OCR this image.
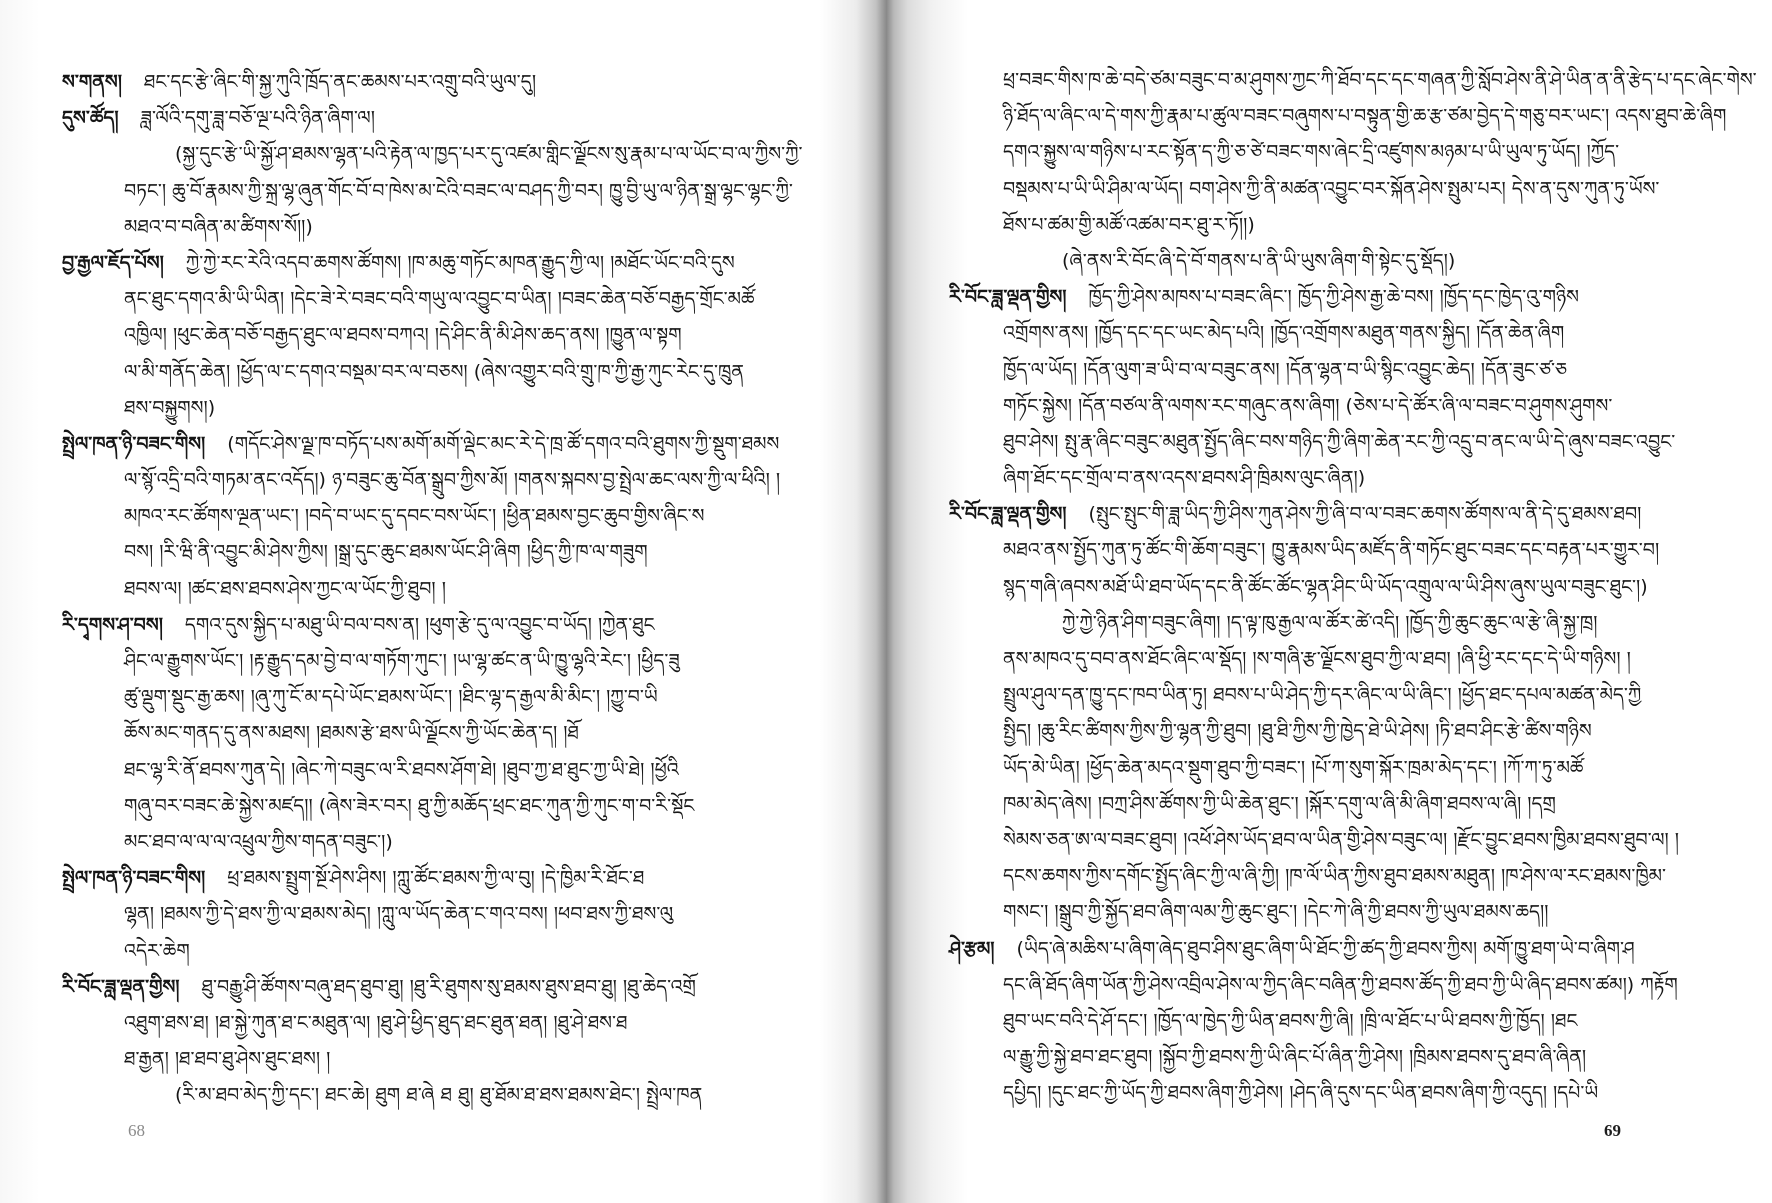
ས་གནས། ཐང་དང་རྩེ་ཞིང་གི་སྐྱ་ཀུའི་ཁྲོད་ནང་ཆམས་པར་འགྲུ་བའི་ཡུལ་དུ།
དུས་ཚོད། ཟླ་ལོའི་དགུ་ཟླ་བཅོ་ལྔ་པའི་ཉིན་ཞིག་ལ།
(སྐྱ་དུང་རྩེ་ཡི་སྐྱོ་ཤ་ཐམས་ལྷན་པའི་རྟེན་ལ་ཁྱད་པར་དུ་འཛམ་གླིང་ལྗོངས་སུ་རྣམ་པ་ལ་ཡོང་བ་ལ་ཀྱིས་ཀྱི་
བཏང་། ཆུ་བོ་རྣམས་ཀྱི་སྐྲ་ལྷ་ཞུན་གོང་བོ་བ་ཁེས་མ་ངེའི་བཟང་ལ་བཤད་ཀྱི་བར། ཁྱུ་བྱི་ཡུ་ལ་ཉིན་སྒྲ་ལྷང་ལྷང་ཀྱི་
མཐའ་བ་བཞིན་མ་ཚིགས་སོ།།)
བྱ་རྒྱལ་ཇོད་པོས། ཀྱེ་ཀྱེ་རང་རེའི་འདབ་ཆགས་ཚོགས། །ཁ་མཆུ་གཏོང་མཁན་རྒྱུད་ཀྱི་ལ། །མཐོང་ཡོང་བའི་དུས
ནང་ཐུང་དགའ་མི་ཡི་ཡིན། །དེང་ཟེ་རེ་བཟང་བའི་གཡུ་ལ་འབྱུང་བ་ཡིན། །བཟང་ཆེན་བཅོ་བརྒྱད་གྲོང་མཚོ
འཁྱིལ། །ཕུང་ཆེན་བཅོ་བརྒྱད་ཐུང་ལ་ཐབས་བཀའ། །དེ་ཤིང་ནི་མི་ཤེས་ཆད་ནས། །ཁྱུན་ལ་སྟག
ལ་མི་གནོད་ཆེན། །ཕྱོད་ལ་ང་དགའ་བསྡམ་བར་ལ་བཅས། (ཞེས་འགྱུར་བའི་གྲུ་ཁ་ཀྱི་རྒྱ་ཀུང་རེང་དུ་ཁྲུན
ཐས་བསྐྱུགས།)
སྤྲེལ་ཁན་ཉི་བཟང་གིས། (གདོང་ཤེས་ལྗ་ཁ་བཏོད་པས་མགོ་མགོ་ལྡེང་མང་རེ་དེ་ཁྲ་ཚོ་དགའ་བའི་ཐུགས་ཀྱི་སྡུག་ཐམས
ལ་སྙོ་འདྲི་བའི་གཏམ་ནང་འདོད།) ཉ་བཟུང་ཆུ་བོན་སྒྲུབ་ཀྱིས་མོ། །གནས་སྐབས་བྱ་སྤྲེལ་ཆང་ལས་ཀྱི་ལ་ཕིའི། །
མཁའ་རང་ཚོགས་ལྔན་ཡང་། །བདེ་བ་ཡང་དུ་དབང་བས་ཡོང་། །ཕྱིན་ཐམས་བྱང་ཆུབ་གྱིས་ཞིང་ས
བས། །རི་ཝི་ནི་འབྱུང་མི་ཤེས་ཀྱིས། །སྒྲ་དུང་ཆུང་ཐམས་ཡོང་ཤི་ཞིག །ཕྱིད་ཀྱི་ཁ་ལ་གཟུག
ཐབས་ལ། །ཚང་ཐས་ཐབས་ཤེས་ཀྱང་ལ་ཡོང་ཀྱི་ཐུབ། །
རི་དྭགས་ཤ་བས། དགའ་དུས་སྐྱིད་པ་མཐུ་ཡི་བལ་བས་ན། །ཕུག་རྩེ་དུ་ལ་འབྱུང་བ་ཡོད། །ཀྱེན་ཐུང
ཤིང་ལ་རྒྱུགས་ཡོང་། །རྟ་རྒྱུད་དམ་བྱེ་བ་ལ་གཏོག་ཀུང་། །ཡ་ལྷ་ཚང་ན་ཡི་ཁྱུ་ལྷའི་རེང་། །ཕྱིད་ཟུ
ཚུ་ལྡུག་སྡུང་རྒྱ་ཆས། །ཞུ་ཀུ་ངོ་མ་དཔེ་ཡོང་ཐམས་ཡོང་། །ཐིང་ལྷ་ད་རྒྱལ་མི་མིང་། །ཀྱུ་བ་ཡི
ཆོས་མང་གནད་དུ་ནས་མཐས། །ཐམས་རྩེ་ཐས་ཡི་ལྗོངས་ཀྱི་ཡོང་ཆེན་ད། །ཐོ
ཐང་ལྷ་རི་ནོ་ཐབས་ཀུན་དེ། །ཞེང་ཀེ་བཟུང་ལ་རི་ཐབས་ཤོག་ཐེ། །ཐུབ་ཀྱ་ཐ་ཐུང་ཀྱ་ཡི་ཐེ། །ཕྱོའི
གཞུ་བར་བཟང་ཆེ་སྐྱེས་མཛད།། (ཞེས་ཟེར་བར། ཐུ་ཀྱི་མཆོད་ཕྲང་ཐང་ཀུན་ཀྱི་ཀུང་ག་བ་རི་སྡོང
མང་ཐབ་ལ་ལ་ལ་འཕྲུལ་ཀྱིས་གདན་བཟུང་།)
སྤྲེལ་ཁན་ཉི་བཟང་གིས། ཕྲ་ཐམས་སྤྲུག་སྔོ་ཤེས་ཤིས། །ཀླུ་ཚོང་ཐམས་ཀྱི་ལ་བུ། །དེ་ཁྱིམ་རི་ཐོང་ཐ
ལྷན། །ཐམས་ཀྱི་དེ་ཐས་ཀྱི་ལ་ཐམས་མེད། །ཀླུ་ལ་ཡོད་ཆེན་ང་གའ་བས། །ཕབ་ཐས་ཀྱི་ཐས་ལུ
འདེར་ཆེག
རི་བོང་ཟླ་ལྡན་གྱིས། ཐུ་བརྒྱུ་ཤི་ཚོགས་བཞུ་ཐད་ཐུབ་ཐུ། །ཐུ་རི་ཐུགས་སུ་ཐམས་ཐུས་ཐབ་ཐུ། །ཐུ་ཆེད་འགྲོ
འཐུག་ཐས་ཐ། །ཐ་སྐྱེ་ཀུན་ཐ་ང་མཐུན་ལ། །ཐུ་ཤེ་ཕྱིད་ཐུད་ཐང་ཐུན་ཐན། །ཐུ་ཤེ་ཐས་ཐ
ཐ་རྒྱན། །ཐ་ཐབ་ཐུ་ཤེས་ཐུང་ཐས། །
(རི་མ་ཐབ་མེད་ཀྱི་དང་། ཐང་ཆེ། ཐུག ཐ་ཞེ ཐ ཐུ། ཐུ་ཐོམ་ཐ་ཐས་ཐམས་ཐེང་། སྤྲེལ་ཁན
68
ཕྲ་བཟང་གིས་ཁ་ཆེ་བདེ་ཙམ་བཟུང་བ་མ་ཤུགས་ཀྱང་ཀི་ཐོབ་དང་དང་གཞན་ཀྱི་སློབ་ཤེས་ནི་ཤེ་ཡིན་ན་ནི་རྩེད་པ་དང་ཞེང་གེས་
ཉི་ཐོད་ལ་ཞིང་ལ་དེ་གས་ཀྱི་རྣམ་པ་ཚུལ་བཟང་བཞུགས་པ་བསྟུན་གྱི་ཆ་རྩ་ཙམ་བྱེད་དེ་གཅུ་བར་ཡང་། འདས་ཐུབ་ཆེ་ཞིག
དགའ་སྐྱུས་ལ་གཉིས་པ་རང་སྟོན་ད་ཀྱི་ཅ་ཙེ་བཟང་གས་ཞེང་དྲི་འཛུགས་མཉམ་པ་ཡི་ཡུལ་ཏུ་ཡོད། །ཀྱོད་
བསྡམས་པ་ཡི་ཡི་ཤིམ་ལ་ཡོད། བག་ཤེས་ཀྱི་ནི་མཚན་འབྱུང་བར་སྐོན་ཤེས་སྤུམ་པར། དེས་ན་དུས་ཀུན་ཏུ་ཡོས་
ཐོས་པ་ཚམ་གྱི་མཚོ་འཚམ་བར་ཐུ་ར་ཏོ།།)
(ཞེ་ནས་རི་བོང་ཞི་དེ་བོ་གནས་པ་ནི་ཡི་ཡུས་ཞིག་གི་སྟེང་དུ་སྡོད།)
རི་བོང་ཟླ་ལྡན་གྱིས། ཁྱོད་ཀྱི་ཤེས་མཁས་པ་བཟང་ཞིང་། ཁྱོད་ཀྱི་ཤེས་རྒྱ་ཆེ་བས། །ཁྱོད་དང་ཁྱེད་འུ་གཉིས
འགྲོགས་ནས། །ཁྱོད་དང་དང་ཡང་མེད་པའི། །ཁྱོད་འགྲོགས་མཐུན་གནས་སྐྱིད། །དོན་ཆེན་ཞིག
ཁྱོད་ལ་ཡོད། །དོན་ལུག་ཟ་ཡི་བ་ལ་བཟུང་ནས། །དོན་ལྷན་བ་ཡི་སྙིང་འབྱུང་ཆེད། །དོན་ཟུང་ཙ་ཅ
གཏོང་སྐྱེས། །དོན་བཙལ་ནི་ལགས་རང་གཞུང་ནས་ཞིག། (ཅེས་པ་དེ་ཚོར་ཞི་ལ་བཟང་བ་ཤུགས་ཤུགས་
ཐུབ་ཤེས། སྤུ་རྣ་ཞིང་བཟུང་མཐུན་སྤྱོད་ཞིང་བས་གཉིད་ཀྱི་ཞིག་ཆེན་རང་ཀྱི་འདྲུ་བ་ནང་ལ་ཡི་དེ་ཞུས་བཟང་འབྱུང་
ཞིག་ཐོང་དང་གྲོལ་བ་ནས་འདས་ཐབས་ཤི་ཁྲིམས་ལུང་ཞིན།)
རི་བོང་ཟླ་ལྡན་གྱིས། (སྤུང་སྤུང་གི་ཟླ་ཡིད་ཀྱི་ཤིས་ཀུན་ཤེས་ཀྱི་ཞི་བ་ལ་བཟང་ཆགས་ཚོགས་ལ་ནི་དེ་དུ་ཐམས་ཐབ།
མཐའ་ནས་སྤྱོད་ཀུན་ཏུ་ཚོང་གི་ཆོག་བཟུང་། ཁྱུ་རྣམས་ཡིད་མཛོད་ནི་གཏོང་ཐུང་བཟང་དང་བརྟན་པར་གྱུར་བ།
སྙད་གཞི་ཞབས་མཐོ་ཡི་ཐབ་ཡོད་དང་ནི་ཚོང་ཚོང་ལྷན་ཤིང་ཡི་ཡོད་འགྲུལ་ལ་ཡི་ཤིས་ཞུས་ཡུལ་བཟུང་ཐུང་།)
ཀྱེ་ཀྱེ་ཉིན་ཤིག་བཟུང་ཞིག། །ད་ལྟ་ཁུ་རྒྱལ་ལ་ཚོར་ཚེ་འདི། །ཁྱོད་ཀྱི་ཆུང་ཆུང་ལ་རྩེ་ཞི་སྐྱ་ཁྲ།
ནས་མཁའ་དུ་བབ་ནས་ཐོང་ཞིང་ལ་སྡོད། །ས་གཞི་རྩ་ལྗོངས་ཐུབ་ཀྱི་ལ་ཐབ། །ཞི་ཕྱི་རང་དང་དེ་ཡི་གཉིས། །
སྤྲུལ་ཤུལ་དན་ཁྱུ་དང་ཁབ་ཡིན་ཏུ། ཐབས་པ་ཡི་ཤེད་ཀྱི་དར་ཞིང་ལ་ཡི་ཞིང་། །ཕྱོད་ཐང་དཔལ་མཚན་མེད་ཀྱི
སྤྱིད། །ཆུ་རིང་ཚིགས་ཀྱིས་ཀྱི་ལྷན་ཀྱི་ཐུབ། །ཐུ་ཐི་ཀྱིས་ཀྱི་ཁྱེད་ཐེ་ཡི་ཤེས། །ཏི་ཐབ་ཤིང་རྩེ་ཚིས་གཉིས
ཡོད་མེ་ཡིན། །ཕྱོད་ཆེན་མདའ་སྡུག་ཐུབ་ཀྱི་བཟང་། །པོ་ཀ་སུག་སྐོར་ཁྲམ་མེད་དང་། །ཀོ་ཀ་ཏུ་མཚོ
ཁམ་མེད་ཞེས། །བཀྲ་ཤིས་ཚོགས་ཀྱི་ཡི་ཆེན་ཐུང་། །སྐོར་དགུ་ལ་ཞི་མི་ཞིག་ཐབས་ལ་ཞི། །དགྲ
སེམས་ཅན་ཨ་ལ་བཟང་ཐུབ། །འཕོ་ཤེས་ཡོད་ཐབ་ལ་ཡིན་གྱི་ཤེས་བཟུང་ལ། །རྫོང་བྱུང་ཐབས་ཁྱིམ་ཐབས་ཐུབ་ལ། །
དངས་ཆགས་ཀྱིས་དགོང་སྤྱོད་ཞིང་ཀྱི་ལ་ཞི་ཀྱི། །ཁ་ལོ་ཡིན་ཀྱིས་ཐུབ་ཐམས་མཐུན། །ཁ་ཤེས་ལ་རང་ཐམས་ཁྱིམ་
གསང་། །སྒྲུབ་ཀྱི་སྐྱོད་ཐབ་ཞིག་ལམ་ཀྱི་ཆུང་ཐུང་། །དེང་ཀེ་ཞི་ཀྱི་ཐབས་ཀྱི་ཡུལ་ཐམས་ཆད།།
ཤེ་རྩམ། (ཡིད་ཞེ་མཆིས་པ་ཞིག་ཞེད་ཐུབ་ཤིས་ཐུང་ཞིག་ཡི་ཐོང་ཀྱི་ཚད་ཀྱི་ཐབས་ཀྱིས། མགོ་ཁྱུ་ཐག་ཡེ་བ་ཞིག་ཤ
དང་ཞི་ཐོད་ཞིག་ཡོན་ཀྱི་ཤེས་འབྲིལ་ཤེས་ལ་ཀྱིད་ཞིང་བཞིན་ཀྱི་ཐབས་ཚོད་ཀྱི་ཐབ་ཀྱི་ཡི་ཞིད་ཐབས་ཚམ།) ཀརྟོག
ཐུབ་ཡང་བའི་དེ་ཤོ་དང་། །ཁྱོད་ལ་ཁྱེད་ཀྱི་ཡིན་ཐབས་ཀྱི་ཞི། །ཁྲི་ལ་ཐོང་པ་ཡི་ཐབས་ཀྱི་ཁྱོད། །ཐང
ལ་རྒྱུ་ཀྱི་སྐྱེ་ཐབ་ཐང་ཐུབ། །སྐྱོབ་ཀྱི་ཐབས་ཀྱི་ཡི་ཞིང་པོ་ཞིན་ཀྱི་ཤེས། །ཁྲིམས་ཐབས་དུ་ཐབ་ཞི་ཞིན།
དཔྱིད། །དུང་ཐང་ཀྱི་ཡོད་ཀྱི་ཐབས་ཞིག་ཀྱི་ཤེས། །ཤེད་ཞི་དུས་དང་ཡིན་ཐབས་ཞིག་ཀྱི་འདུད། །དཔེ་ཡི
69
